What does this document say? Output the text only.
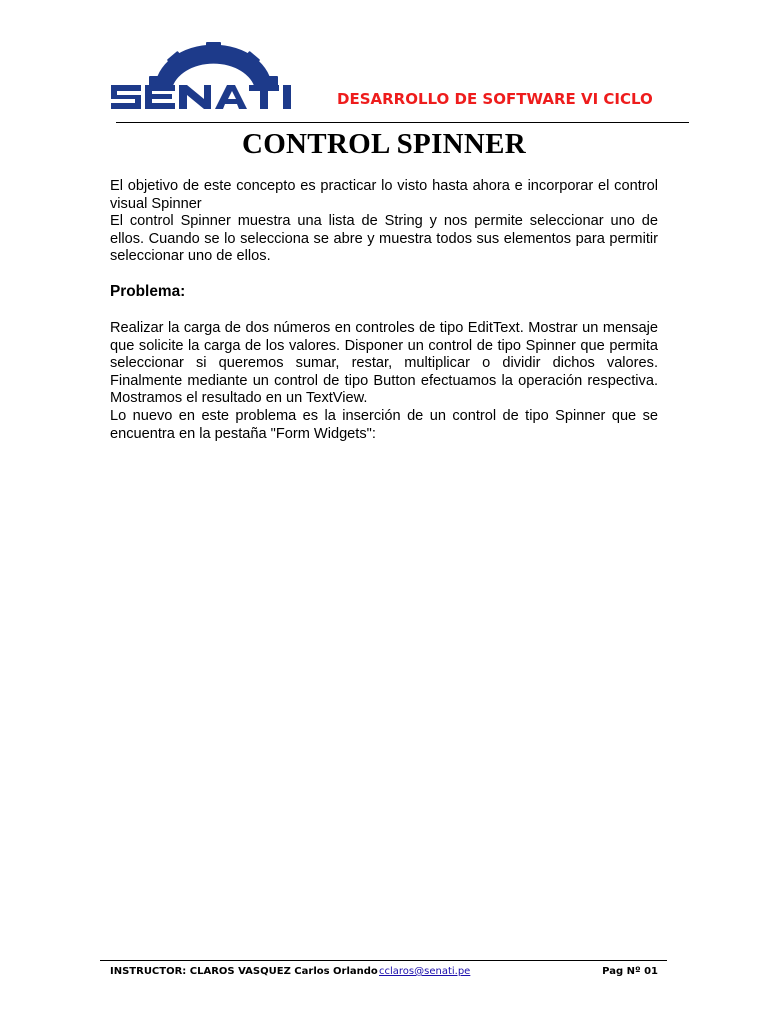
DESARROLLO DE SOFTWARE VI CICLO
CONTROL SPINNER

El objetivo de este concepto es practicar lo visto hasta ahora e incorporar el control visual Spinner

El control Spinner muestra una lista de String y nos permite seleccionar uno de ellos. Cuando se lo selecciona se abre y muestra todos sus elementos para permitir seleccionar uno de ellos.

Problema:

Realizar la carga de dos números en controles de tipo EditText. Mostrar un mensaje que solicite la carga de los valores. Disponer un control de tipo Spinner que permita seleccionar si queremos sumar, restar, multiplicar o dividir dichos valores. Finalmente mediante un control de tipo Button efectuamos la operación respectiva. Mostramos el resultado en un TextView.

Lo nuevo en este problema es la inserción de un control de tipo Spinner que se encuentra en la pestaña "Form Widgets":

INSTRUCTOR: CLAROS VASQUEZ Carlos Orlando cclaros@senati.pe	Pag Nº 01
